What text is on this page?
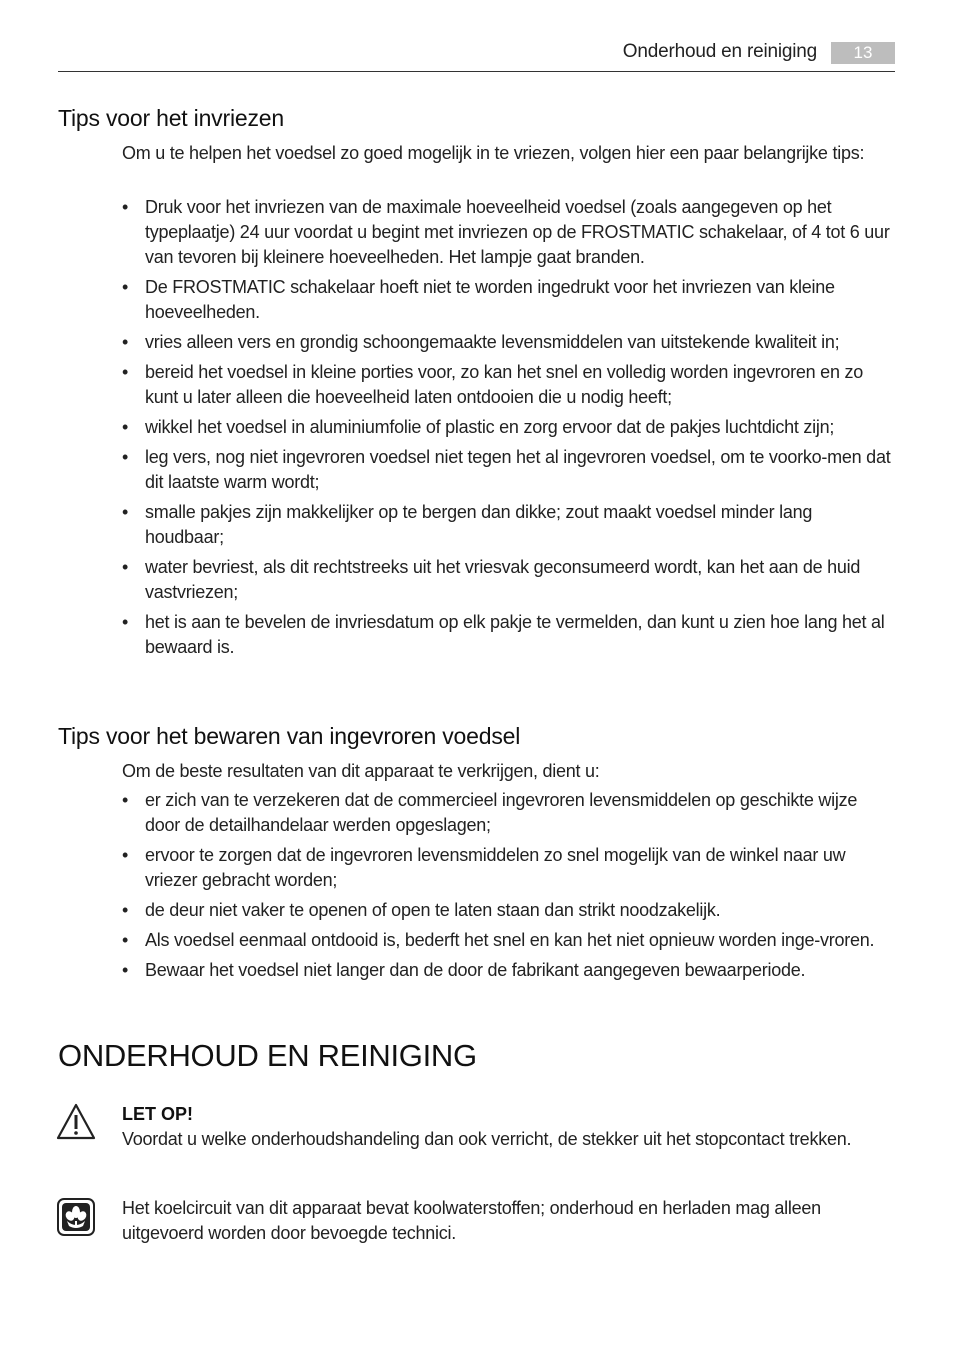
Onderhoud en reiniging	13
Tips voor het invriezen

Om u te helpen het voedsel zo goed mogelijk in te vriezen, volgen hier een paar belangrijke tips:

• Druk voor het invriezen van de maximale hoeveelheid voedsel (zoals aangegeven op het typeplaatje) 24 uur voordat u begint met invriezen op de FROSTMATIC schakelaar, of 4 tot 6 uur van tevoren bij kleinere hoeveelheden. Het lampje gaat branden.
• De FROSTMATIC schakelaar hoeft niet te worden ingedrukt voor het invriezen van kleine hoeveelheden.
• vries alleen vers en grondig schoongemaakte levensmiddelen van uitstekende kwaliteit in;
• bereid het voedsel in kleine porties voor, zo kan het snel en volledig worden ingevroren en zo kunt u later alleen die hoeveelheid laten ontdooien die u nodig heeft;
• wikkel het voedsel in aluminiumfolie of plastic en zorg ervoor dat de pakjes luchtdicht zijn;
• leg vers, nog niet ingevroren voedsel niet tegen het al ingevroren voedsel, om te voorko-men dat dit laatste warm wordt;
• smalle pakjes zijn makkelijker op te bergen dan dikke; zout maakt voedsel minder lang houdbaar;
• water bevriest, als dit rechtstreeks uit het vriesvak geconsumeerd wordt, kan het aan de huid vastvriezen;
• het is aan te bevelen de invriesdatum op elk pakje te vermelden, dan kunt u zien hoe lang het al bewaard is.
Tips voor het bewaren van ingevroren voedsel

Om de beste resultaten van dit apparaat te verkrijgen, dient u:

• er zich van te verzekeren dat de commercieel ingevroren levensmiddelen op geschikte wijze door de detailhandelaar werden opgeslagen;
• ervoor te zorgen dat de ingevroren levensmiddelen zo snel mogelijk van de winkel naar uw vriezer gebracht worden;
• de deur niet vaker te openen of open te laten staan dan strikt noodzakelijk.
• Als voedsel eenmaal ontdooid is, bederft het snel en kan het niet opnieuw worden inge-vroren.
• Bewaar het voedsel niet langer dan de door de fabrikant aangegeven bewaarperiode.
ONDERHOUD EN REINIGING
LET OP!

Voordat u welke onderhoudshandeling dan ook verricht, de stekker uit het stopcontact trekken.

Het koelcircuit van dit apparaat bevat koolwaterstoffen; onderhoud en herladen mag alleen uitgevoerd worden door bevoegde technici.
